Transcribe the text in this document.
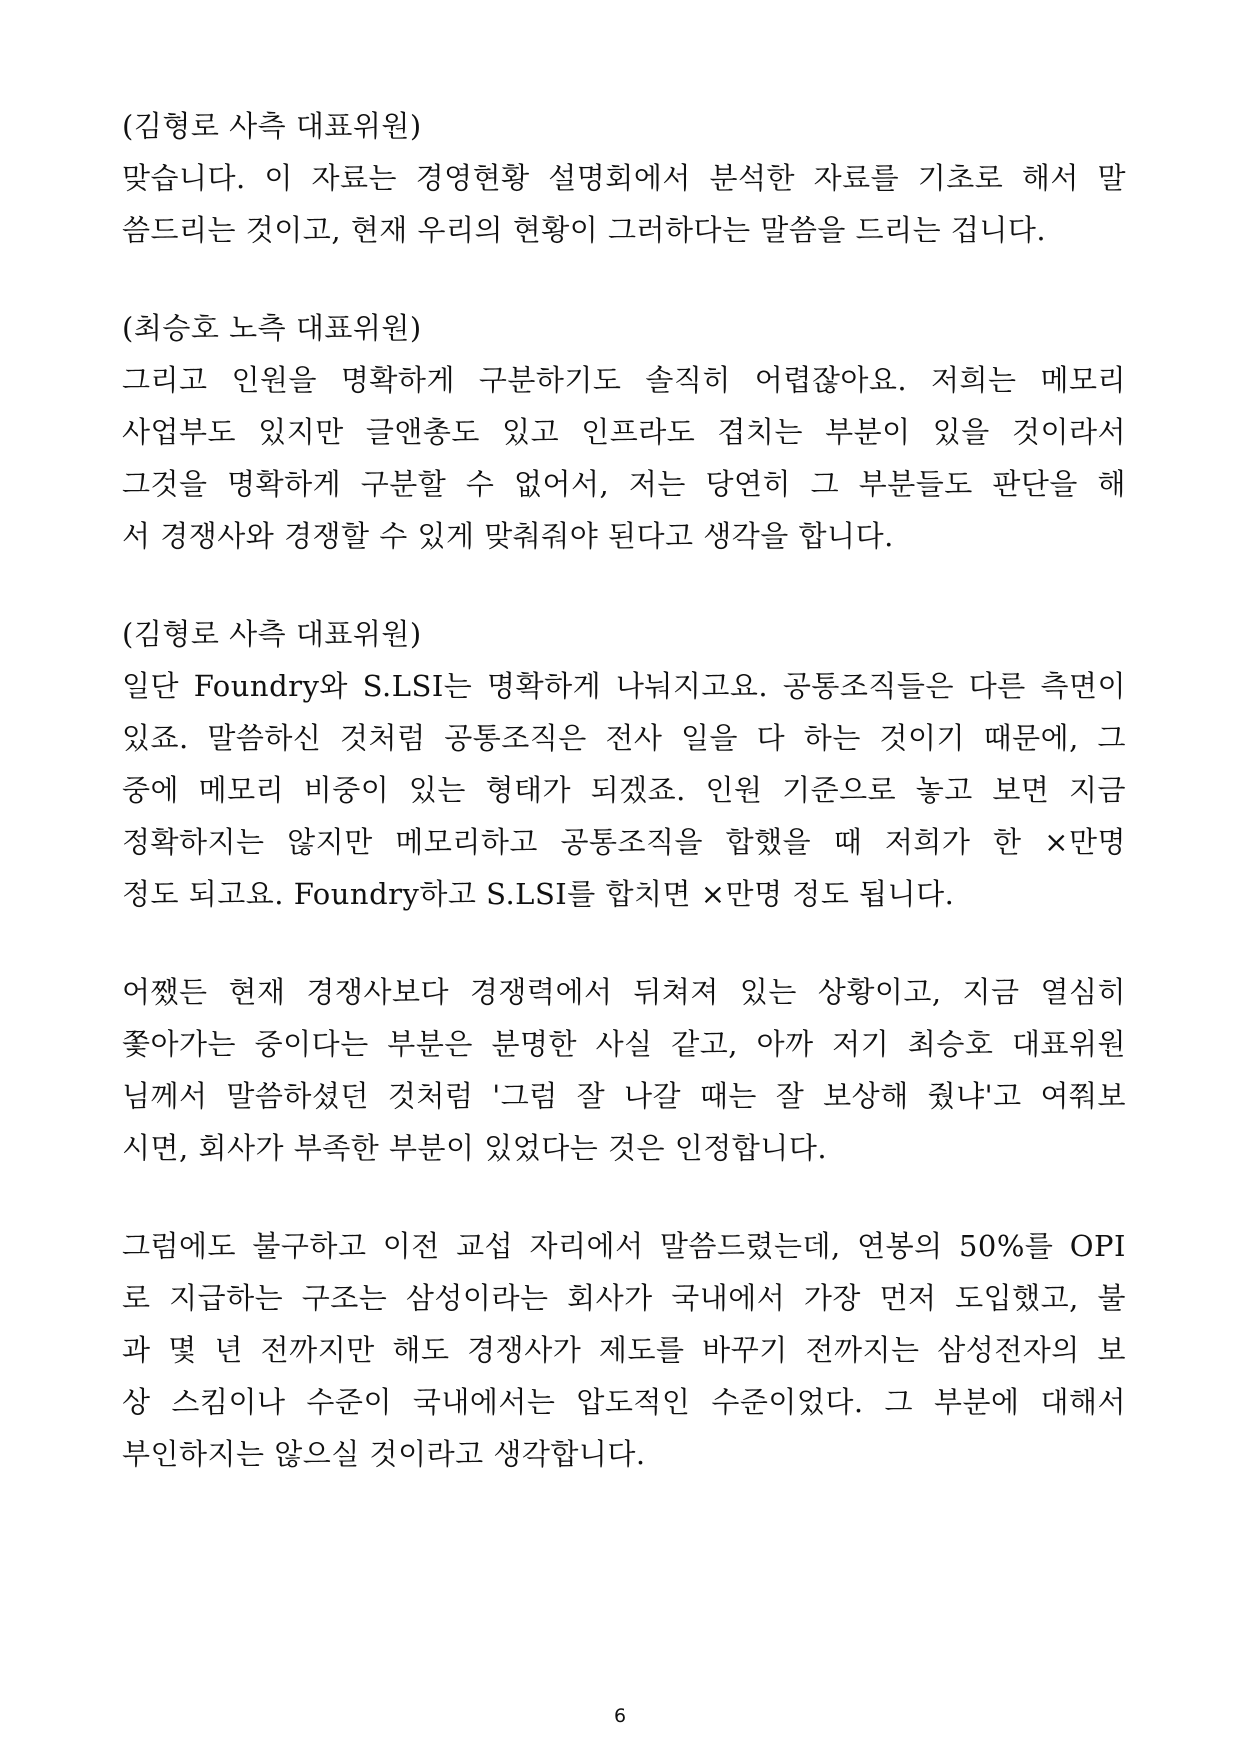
(김형로 사측 대표위원)
맞습니다. 이 자료는 경영현황 설명회에서 분석한 자료를 기초로 해서 말
씀드리는 것이고, 현재 우리의 현황이 그러하다는 말씀을 드리는 겁니다.
(최승호 노측 대표위원)
그리고 인원을 명확하게 구분하기도 솔직히 어렵잖아요. 저희는 메모리
사업부도 있지만 글앤총도 있고 인프라도 겹치는 부분이 있을 것이라서
그것을 명확하게 구분할 수 없어서, 저는 당연히 그 부분들도 판단을 해
서 경쟁사와 경쟁할 수 있게 맞춰줘야 된다고 생각을 합니다.
(김형로 사측 대표위원)
일단 Foundry와 S.LSI는 명확하게 나눠지고요. 공통조직들은 다른 측면이
있죠. 말씀하신 것처럼 공통조직은 전사 일을 다 하는 것이기 때문에, 그
중에 메모리 비중이 있는 형태가 되겠죠. 인원 기준으로 놓고 보면 지금
정확하지는 않지만 메모리하고 공통조직을 합했을 때 저희가 한 ×만명
정도 되고요. Foundry하고 S.LSI를 합치면 ×만명 정도 됩니다.
어쨌든 현재 경쟁사보다 경쟁력에서 뒤쳐져 있는 상황이고, 지금 열심히
쫓아가는 중이다는 부분은 분명한 사실 같고, 아까 저기 최승호 대표위원
님께서 말씀하셨던 것처럼 '그럼 잘 나갈 때는 잘 보상해 줬냐'고 여쭤보
시면, 회사가 부족한 부분이 있었다는 것은 인정합니다.
그럼에도 불구하고 이전 교섭 자리에서 말씀드렸는데, 연봉의 50%를 OPI
로 지급하는 구조는 삼성이라는 회사가 국내에서 가장 먼저 도입했고, 불
과 몇 년 전까지만 해도 경쟁사가 제도를 바꾸기 전까지는 삼성전자의 보
상 스킴이나 수준이 국내에서는 압도적인 수준이었다. 그 부분에 대해서
부인하지는 않으실 것이라고 생각합니다.
6
